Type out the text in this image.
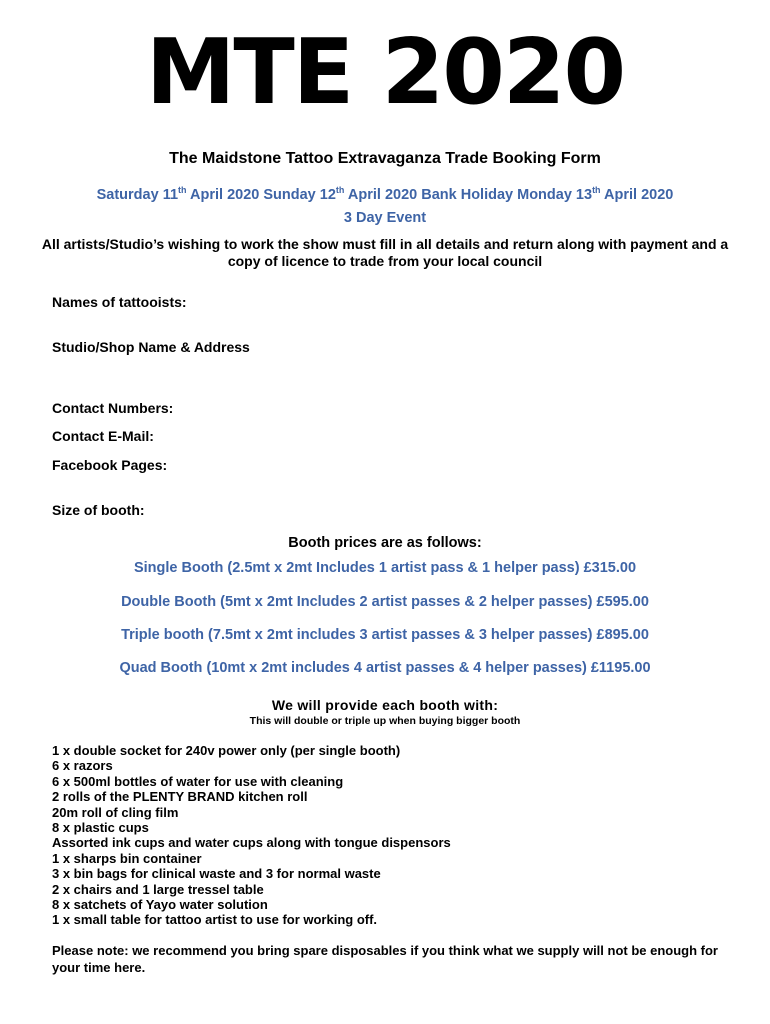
MTE 2020
The Maidstone Tattoo Extravaganza Trade Booking Form
Saturday 11th April 2020 Sunday 12th April 2020 Bank Holiday Monday 13th April 2020
3 Day Event
All artists/Studio’s wishing to work the show must fill in all details and return along with payment and a copy of licence to trade from your local council
Names of tattooists:
Studio/Shop Name & Address
Contact Numbers:
Contact E-Mail:
Facebook Pages:
Size of booth:
Booth prices are as follows:
Single Booth (2.5mt x 2mt Includes 1 artist pass & 1 helper pass) £315.00
Double Booth (5mt x 2mt Includes 2 artist passes & 2 helper passes) £595.00
Triple booth (7.5mt x 2mt includes 3 artist passes & 3 helper passes) £895.00
Quad Booth (10mt x 2mt includes 4 artist passes & 4 helper passes) £1195.00
We will provide each booth with:
This will double or triple up when buying bigger booth
1 x double socket for 240v power only (per single booth)
6 x razors
6 x 500ml bottles of water for use with cleaning
2 rolls of the PLENTY BRAND kitchen roll
20m roll of cling film
8 x plastic cups
Assorted ink cups and water cups along with tongue dispensors
1 x sharps bin container
3 x bin bags for clinical waste and 3 for normal waste
2 x chairs and 1 large tressel table
8 x satchets of Yayo water solution
1 x small table for tattoo artist to use for working off.
Please note: we recommend you bring spare disposables if you think what we supply will not be enough for your time here.
